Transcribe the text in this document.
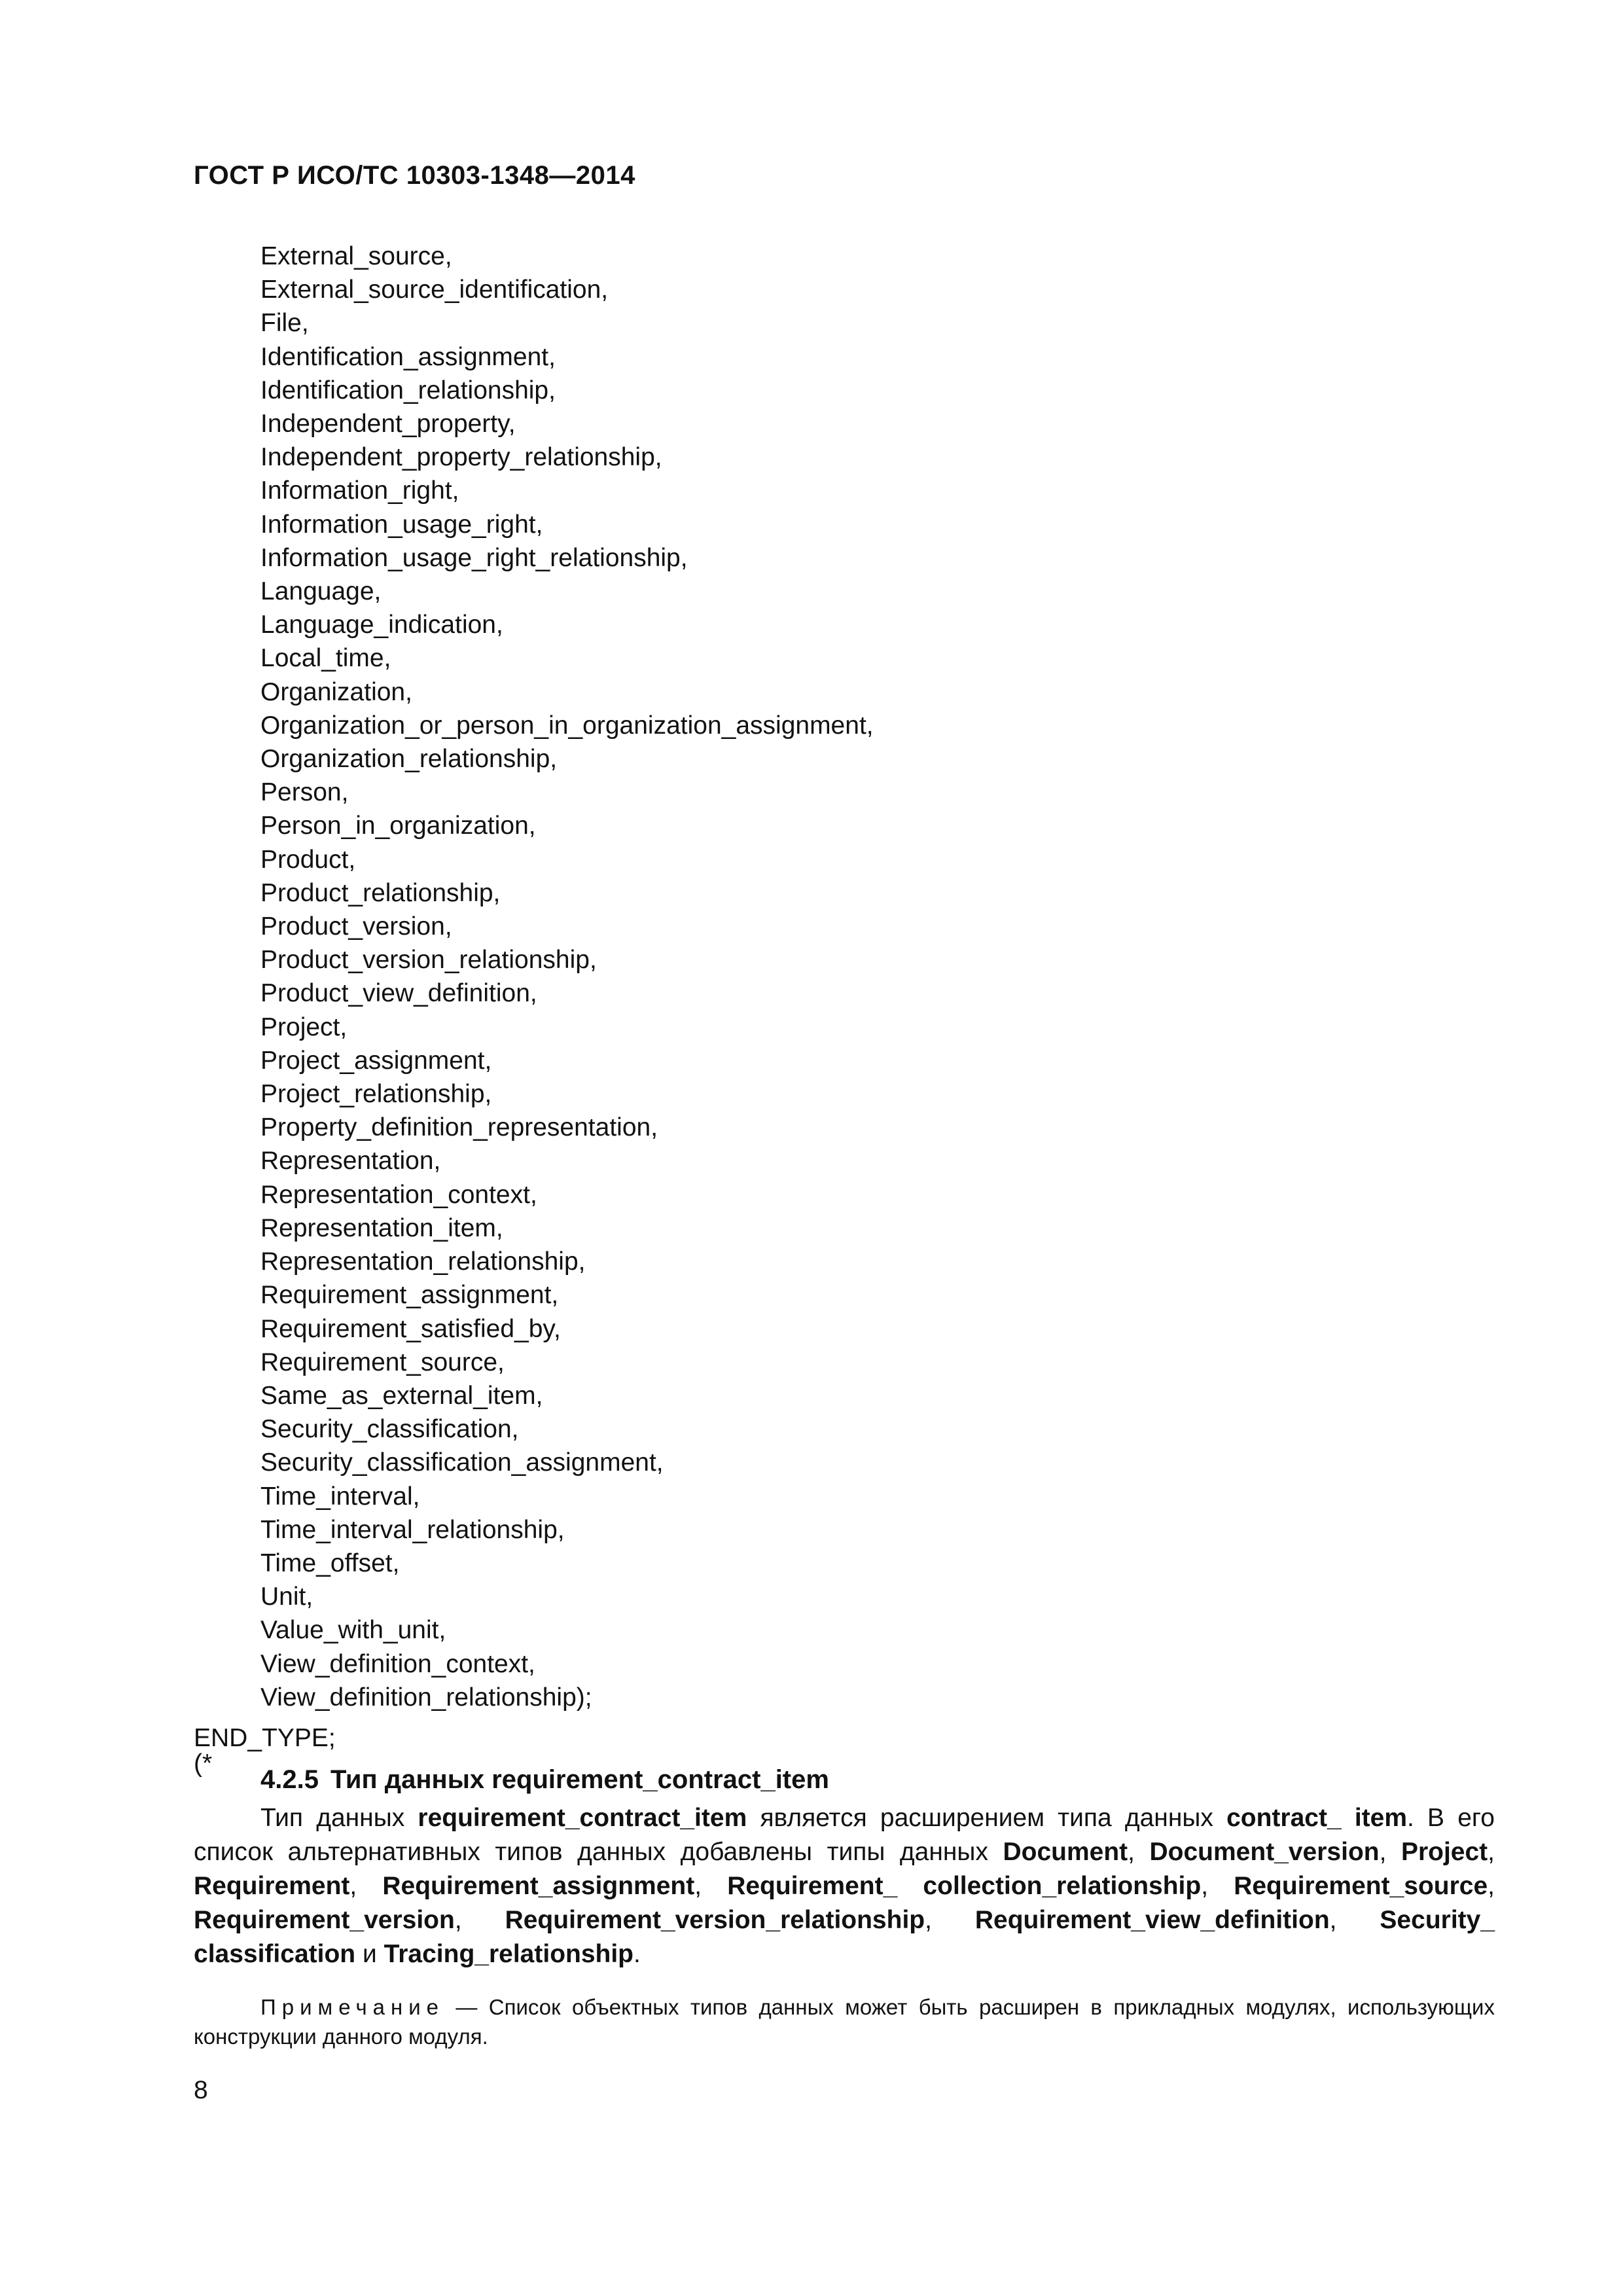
ГОСТ Р ИСО/ТС 10303-1348—2014
External_source,
External_source_identification,
File,
Identification_assignment,
Identification_relationship,
Independent_property,
Independent_property_relationship,
Information_right,
Information_usage_right,
Information_usage_right_relationship,
Language,
Language_indication,
Local_time,
Organization,
Organization_or_person_in_organization_assignment,
Organization_relationship,
Person,
Person_in_organization,
Product,
Product_relationship,
Product_version,
Product_version_relationship,
Product_view_definition,
Project,
Project_assignment,
Project_relationship,
Property_definition_representation,
Representation,
Representation_context,
Representation_item,
Representation_relationship,
Requirement_assignment,
Requirement_satisfied_by,
Requirement_source,
Same_as_external_item,
Security_classification,
Security_classification_assignment,
Time_interval,
Time_interval_relationship,
Time_offset,
Unit,
Value_with_unit,
View_definition_context,
View_definition_relationship);
END_TYPE;
(*
4.2.5 Тип данных requirement_contract_item

Тип данных requirement_contract_item является расширением типа данных contract_ item. В его список альтернативных типов данных добавлены типы данных Document, Document_version, Project, Requirement, Requirement_assignment, Requirement_ collection_relationship, Requirement_source, Requirement_version, Requirement_version_relationship, Requirement_view_definition, Security_ classification и Tracing_relationship.

Примечание — Список объектных типов данных может быть расширен в прикладных модулях, использующих конструкции данного модуля.

8
